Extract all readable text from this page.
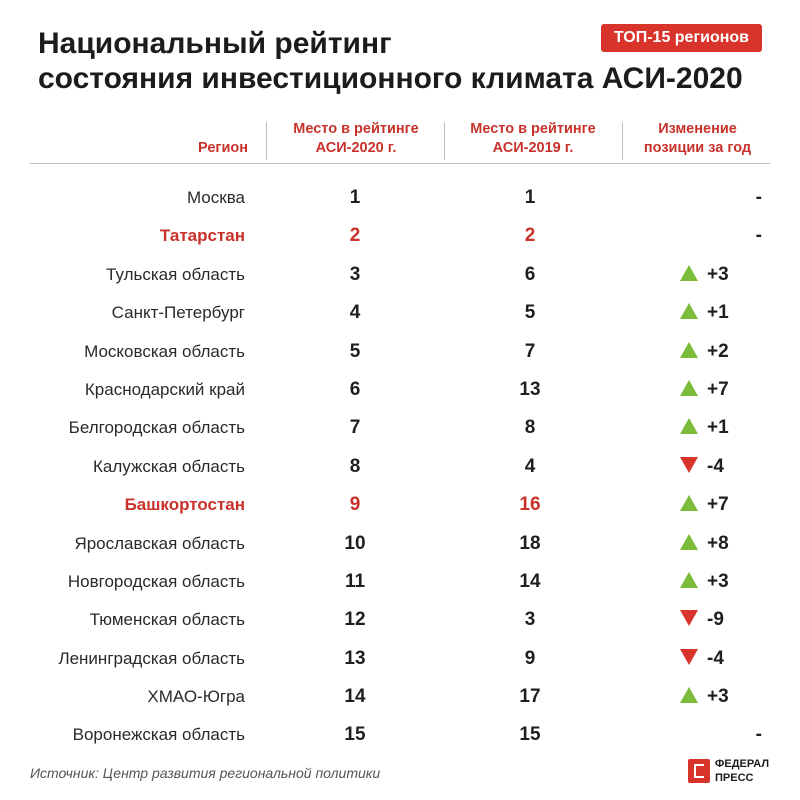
Национальный рейтинг
состояния инвестиционного климата АСИ-2020
ТОП-15 регионов
Регион
Место в рейтинге
АСИ-2020 г.
Место в рейтинге
АСИ-2019 г.
Изменение
позиции за год
Москва	1	1	-
Татарстан	2	2	-
Тульская область	3	6	+3
Санкт-Петербург	4	5	+1
Московская область	5	7	+2
Краснодарский край	6	13	+7
Белгородская область	7	8	+1
Калужская область	8	4	-4
Башкортостан	9	16	+7
Ярославская область	10	18	+8
Новгородская область	11	14	+3
Тюменская область	12	3	-9
Ленинградская область	13	9	-4
ХМАО-Югра	14	17	+3
Воронежская область	15	15	-
Источник: Центр развития региональной политики
ФЕДЕРАЛ
ПРЕСС
